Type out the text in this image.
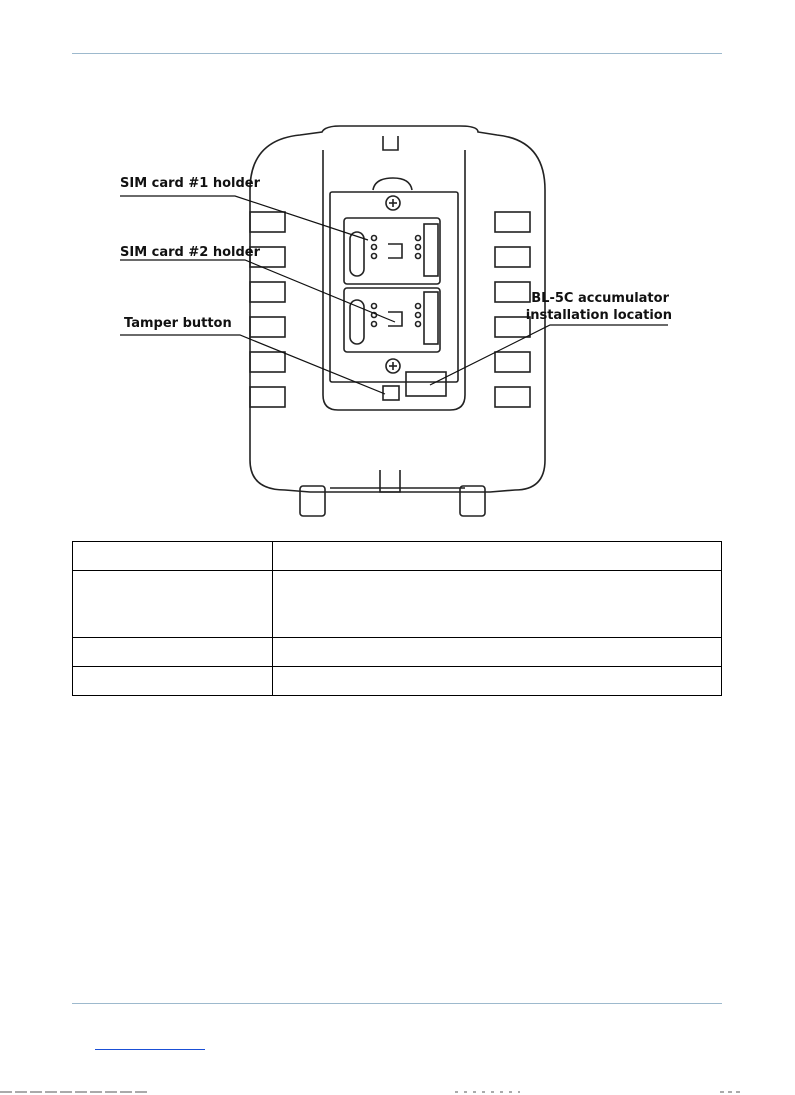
SIM card #1 holder
SIM card #2 holder
Tamper button
BL-5C accumulator
installation location
